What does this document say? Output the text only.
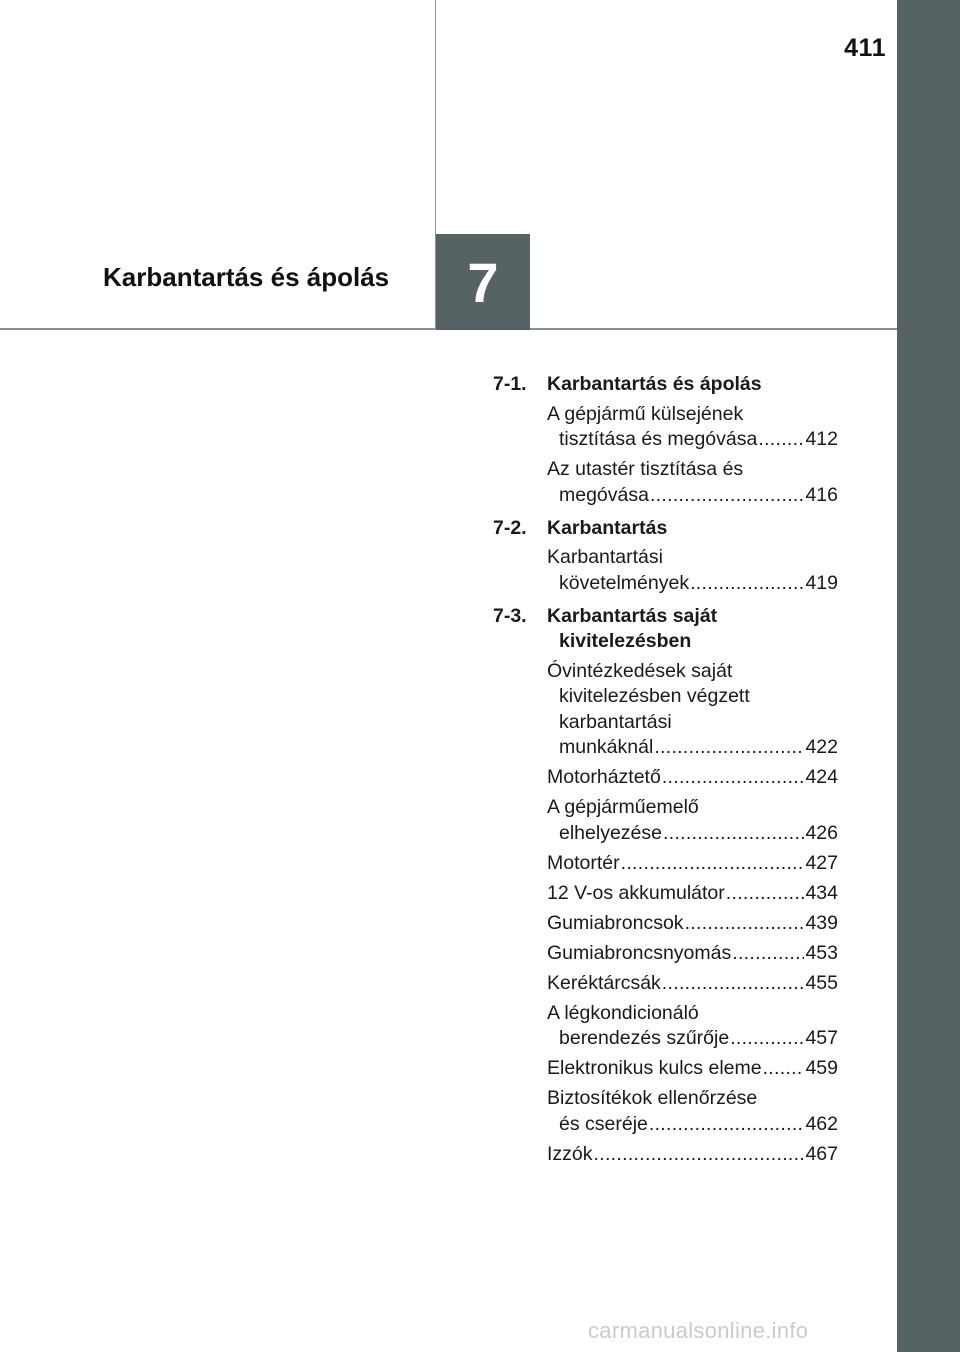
411
7
Karbantartás és ápolás
7-1.	Karbantartás és ápolás
A gépjármű külsejének
tisztítása és megóvása ..... 412
Az utastér tisztítása és
megóvása .....	416
7-2.	Karbantartás
Karbantartási
követelmények .....	419
7-3.	Karbantartás saját
kivitelezésben
Óvintézkedések saját
kivitelezésben végzett
karbantartási
munkáknál .....	422
Motorháztető .....	424
A gépjárműemelő
elhelyezése .....	426
Motortér .....	427
12 V-os akkumulátor .....	434
Gumiabroncsok .....	439
Gumiabroncsnyomás .....	453
Keréktárcsák .....	455
A légkondicionáló
berendezés szűrője .....	457
Elektronikus kulcs eleme ..... 459
Biztosítékok ellenőrzése
és cseréje .....	462
Izzók .....	467
carmanualsonline.info
